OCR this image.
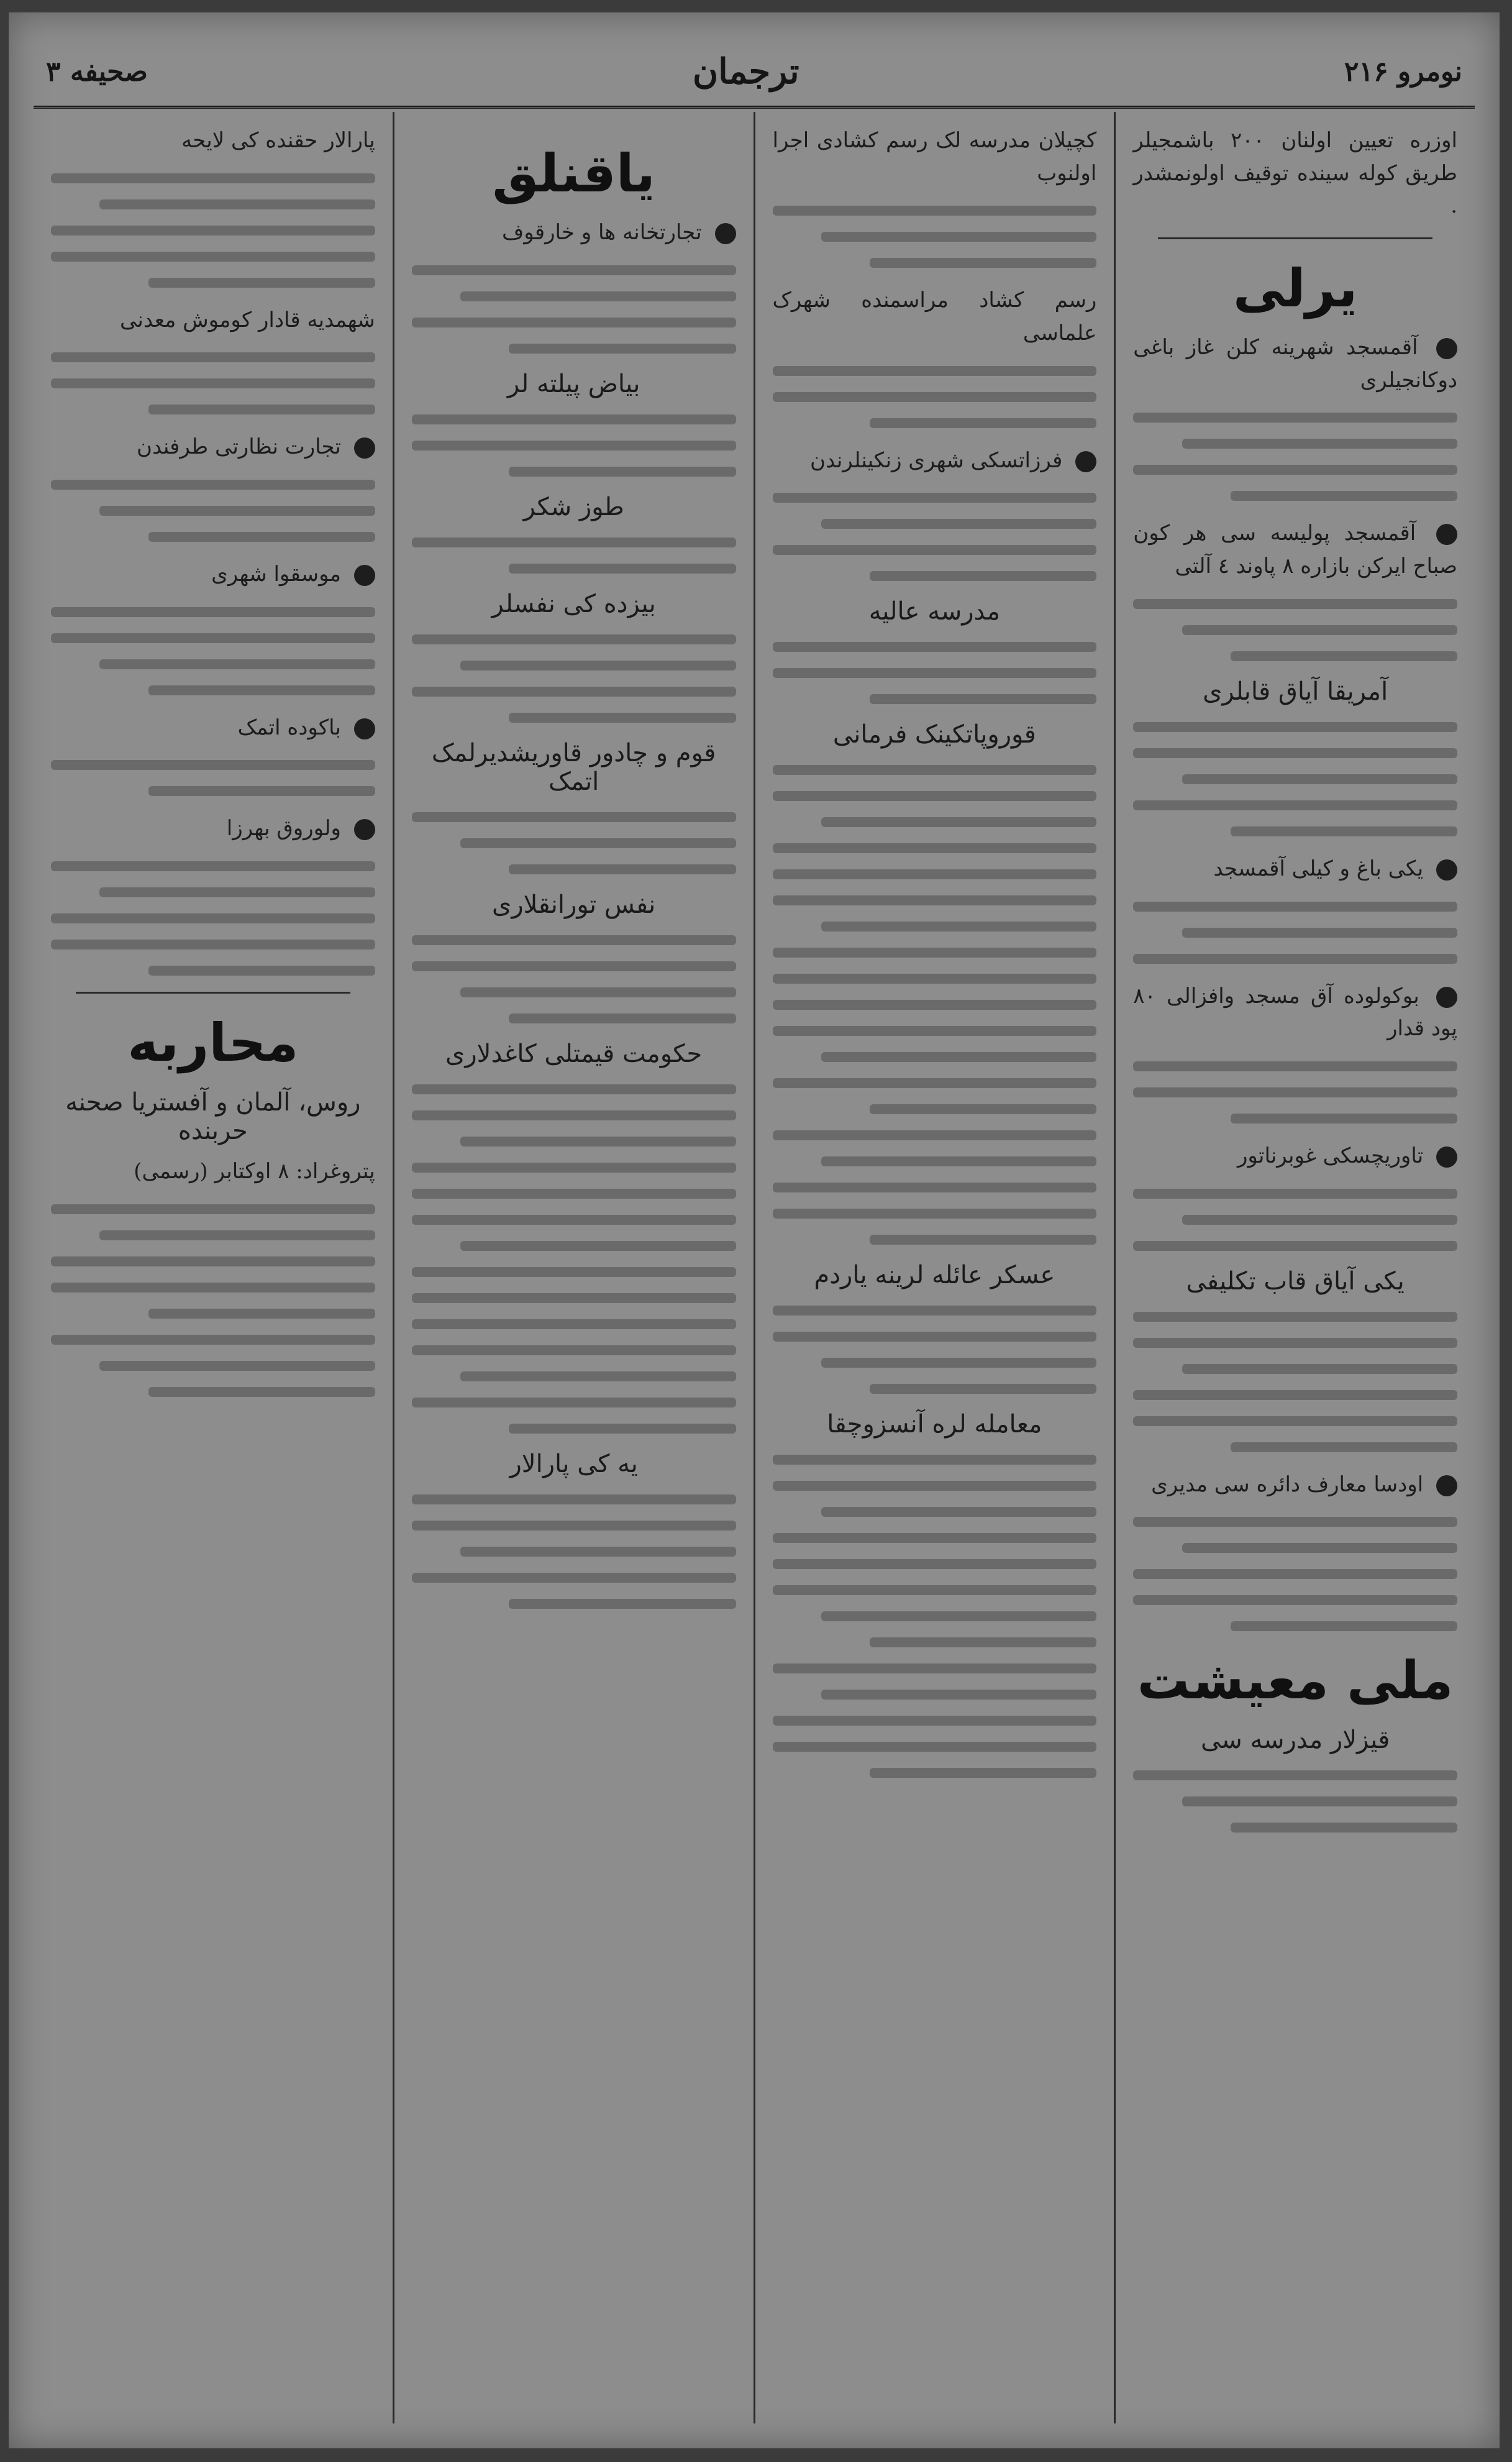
نومرو ۲۱۶
ترجمان
صحیفه ۳
اوزره تعیین اولنان ۲۰۰ باشمجیلر طریق کوله سینده توقیف اولونمشدر .
یرلی
آقمسجد شهرینه کلن غاز باغی دوکانجیلری
آقمسجد پولیسه سی هر کون صباح ایرکن بازاره ۸ پاوند ٤ آلتی
آمریقا آیاق قابلری
یکی باغ و کیلی آقمسجد
بوکولوده آق مسجد وافزالی ۸۰ پود قدار
تاوریچسکی غوبرناتور
یکی آیاق قاب تکلیفی
اودسا معارف دائره سی مدیری
ملی معیشت
قیزلار مدرسه سی
کچیلان مدرسه لک رسم کشادی اجرا اولنوب
رسم کشاد مراسمنده شهرک علماسی
فرزاتسکی شهری زنکینلرندن
مدرسه عالیه
قوروپاتکینک فرمانی
عسکر عائله لرینه یاردم
معامله لره آنسزوچقا
یاقنلق
تجارتخانه ها و خارقوف
بیاض پیلته لر
طوز شکر
بیزده کی نفسلر
قوم و چادور قاوریشدیرلمک اتمک
نفس تورانقلاری
حکومت قیمتلی کاغدلاری
یه کی پارالار
پارالار حقنده کی لایحه
شهمدیه قادار کوموش معدنی
تجارت نظارتی طرفندن
موسقوا شهری
باکوده اتمک
ولوروق بهرزا
محاربه
روس، آلمان و آفستریا صحنه حربنده
پتروغراد: ۸ اوکتابر (رسمی)
